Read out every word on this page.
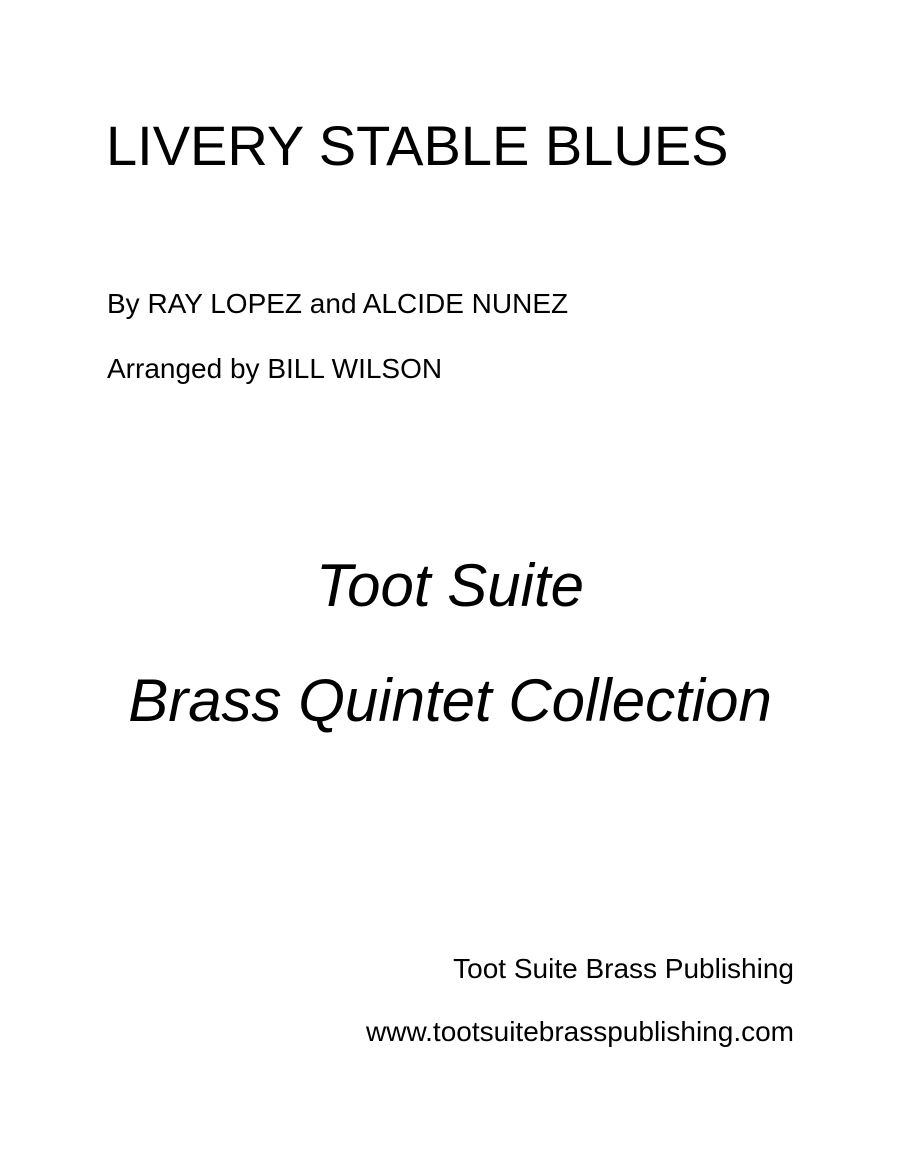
LIVERY STABLE BLUES
By RAY LOPEZ and ALCIDE NUNEZ
Arranged by BILL WILSON
Toot Suite
Brass Quintet Collection
Toot Suite Brass Publishing
www.tootsuitebrasspublishing.com
